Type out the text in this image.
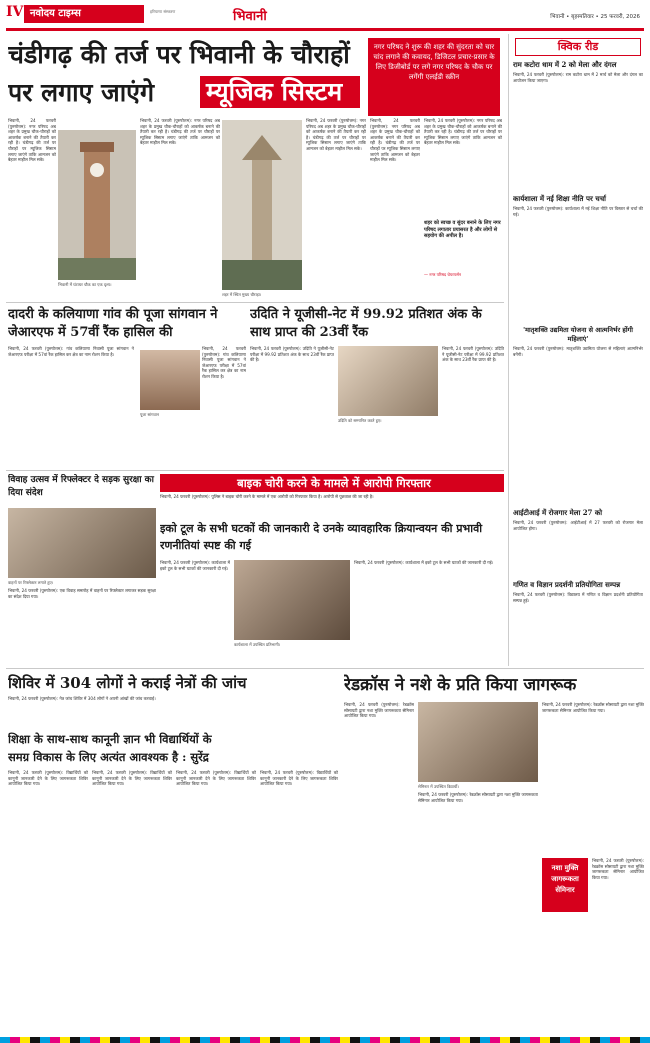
IV नवोदय टाइम्स	हरियाणा संस्करण	भिवानी	भिवानी • बृहस्पतिवार • 25 फरवरी, 2026
चंडीगढ़ की तर्ज पर भिवानी के चौराहों
पर लगाए जाएंगे	म्यूजिक सिस्टम
नगर परिषद ने शुरू की शहर की सुंदरता को चार चांद लगाने की कवायद, डिजिटल प्रचार-प्रसार के लिए डिजीबोर्ड पर लगे नगर परिषद के चौक पर लगेंगी एलईडी स्क्रीन
भिवानी में घंटाघर चौक का एक दृश्य।
शहर में स्थित मुख्य चौराहा।
भिवानी, 24 फरवरी (पुरुषोत्तम): नगर परिषद अब शहर के प्रमुख चौक-चौराहों को आकर्षक बनाने की तैयारी कर रही है। चंडीगढ़ की तर्ज पर चौराहों पर म्यूजिक सिस्टम लगाए जाएंगे ताकि आमजन को बेहतर माहौल मिल सके।
भिवानी, 24 फरवरी (पुरुषोत्तम): नगर परिषद अब शहर के प्रमुख चौक-चौराहों को आकर्षक बनाने की तैयारी कर रही है। चंडीगढ़ की तर्ज पर चौराहों पर म्यूजिक सिस्टम लगाए जाएंगे ताकि आमजन को बेहतर माहौल मिल सके।
भिवानी, 24 फरवरी (पुरुषोत्तम): नगर परिषद अब शहर के प्रमुख चौक-चौराहों को आकर्षक बनाने की तैयारी कर रही है। चंडीगढ़ की तर्ज पर चौराहों पर म्यूजिक सिस्टम लगाए जाएंगे ताकि आमजन को बेहतर माहौल मिल सके।
भिवानी, 24 फरवरी (पुरुषोत्तम): नगर परिषद अब शहर के प्रमुख चौक-चौराहों को आकर्षक बनाने की तैयारी कर रही है। चंडीगढ़ की तर्ज पर चौराहों पर म्यूजिक सिस्टम लगाए जाएंगे ताकि आमजन को बेहतर माहौल मिल सके।
भिवानी, 24 फरवरी (पुरुषोत्तम): नगर परिषद अब शहर के प्रमुख चौक-चौराहों को आकर्षक बनाने की तैयारी कर रही है। चंडीगढ़ की तर्ज पर चौराहों पर म्यूजिक सिस्टम लगाए जाएंगे ताकि आमजन को बेहतर माहौल मिल सके।
शहर को स्वच्छ व सुंदर बनाने के लिए नगर परिषद लगातार प्रयासरत है और लोगों से सहयोग की अपील है।
— नगर परिषद चेयरपर्सन
दादरी के कलियाणा गांव की पूजा सांगवान ने जेआरएफ में 57वीं रैंक हासिल की
भिवानी, 24 फरवरी (पुरुषोत्तम): गांव कलियाणा निवासी पूजा सांगवान ने जेआरएफ परीक्षा में 57वां रैंक हासिल कर क्षेत्र का नाम रोशन किया है।
पूजा सांगवान
भिवानी, 24 फरवरी (पुरुषोत्तम): गांव कलियाणा निवासी पूजा सांगवान ने जेआरएफ परीक्षा में 57वां रैंक हासिल कर क्षेत्र का नाम रोशन किया है।
उदिति ने यूजीसी-नेट में 99.92 प्रतिशत अंक के साथ प्राप्त की 23वीं रैंक
भिवानी, 24 फरवरी (पुरुषोत्तम): उदिति ने यूजीसी-नेट परीक्षा में 99.92 प्रतिशत अंक के साथ 23वीं रैंक प्राप्त की है।
उदिति को सम्मानित करते हुए।
भिवानी, 24 फरवरी (पुरुषोत्तम): उदिति ने यूजीसी-नेट परीक्षा में 99.92 प्रतिशत अंक के साथ 23वीं रैंक प्राप्त की है।
विवाह उत्सव में रिफ्लेक्टर दे सड़क सुरक्षा का दिया संदेश
वाहनों पर रिफ्लेक्टर लगाते हुए।
भिवानी, 24 फरवरी (पुरुषोत्तम): एक विवाह समारोह में वाहनों पर रिफ्लेक्टर लगाकर सड़क सुरक्षा का संदेश दिया गया।
बाइक चोरी करने के मामले में आरोपी गिरफ्तार
भिवानी, 24 फरवरी (पुरुषोत्तम): पुलिस ने बाइक चोरी करने के मामले में एक आरोपी को गिरफ्तार किया है। आरोपी से पूछताछ की जा रही है।
इको टूल के सभी घटकों की जानकारी दे उनके व्यावहारिक क्रियान्वयन की प्रभावी रणनीतियां स्पष्ट की गई
भिवानी, 24 फरवरी (पुरुषोत्तम): कार्यशाला में इको टूल के सभी घटकों की जानकारी दी गई।
कार्यशाला में उपस्थित प्रतिभागी।
भिवानी, 24 फरवरी (पुरुषोत्तम): कार्यशाला में इको टूल के सभी घटकों की जानकारी दी गई।
शिविर में 304 लोगों ने कराई नेत्रों की जांच
भिवानी, 24 फरवरी (पुरुषोत्तम): नेत्र जांच शिविर में 304 लोगों ने अपनी आंखों की जांच करवाई।
शिक्षा के साथ-साथ कानूनी ज्ञान भी विद्यार्थियों के
समग्र विकास के लिए अत्यंत आवश्यक है : सुरेंद्र
भिवानी, 24 फरवरी (पुरुषोत्तम): विद्यार्थियों को कानूनी जानकारी देने के लिए जागरूकता शिविर आयोजित किया गया।
भिवानी, 24 फरवरी (पुरुषोत्तम): विद्यार्थियों को कानूनी जानकारी देने के लिए जागरूकता शिविर आयोजित किया गया।
भिवानी, 24 फरवरी (पुरुषोत्तम): विद्यार्थियों को कानूनी जानकारी देने के लिए जागरूकता शिविर आयोजित किया गया।
भिवानी, 24 फरवरी (पुरुषोत्तम): विद्यार्थियों को कानूनी जानकारी देने के लिए जागरूकता शिविर आयोजित किया गया।
रेडक्रॉस ने नशे के प्रति किया जागरूक
भिवानी, 24 फरवरी (पुरुषोत्तम): रेडक्रॉस सोसायटी द्वारा नशा मुक्ति जागरूकता सेमिनार आयोजित किया गया।
सेमिनार में उपस्थित विद्यार्थी।
भिवानी, 24 फरवरी (पुरुषोत्तम): रेडक्रॉस सोसायटी द्वारा नशा मुक्ति जागरूकता सेमिनार आयोजित किया गया।
नशा मुक्ति
जागरूकता
सेमिनार
भिवानी, 24 फरवरी (पुरुषोत्तम): रेडक्रॉस सोसायटी द्वारा नशा मुक्ति जागरूकता सेमिनार आयोजित किया गया।
भिवानी, 24 फरवरी (पुरुषोत्तम): रेडक्रॉस सोसायटी द्वारा नशा मुक्ति जागरूकता सेमिनार आयोजित किया गया।
क्विक रीड
राम कटोरा धाम में 2 को मेला और दंगल
भिवानी, 24 फरवरी (पुरुषोत्तम): राम कटोरा धाम में 2 मार्च को मेला और दंगल का आयोजन किया जाएगा।
कार्यशाला में नई शिक्षा नीति पर चर्चा
भिवानी, 24 फरवरी (पुरुषोत्तम): कार्यशाला में नई शिक्षा नीति पर विस्तार से चर्चा की गई।
'मातृशक्ति उद्यमिता योजना से आत्मनिर्भर होंगी महिलाएं'
भिवानी, 24 फरवरी (पुरुषोत्तम): मातृशक्ति उद्यमिता योजना से महिलाएं आत्मनिर्भर बनेंगी।
आईटीआई में रोजगार मेला 27 को
भिवानी, 24 फरवरी (पुरुषोत्तम): आईटीआई में 27 फरवरी को रोजगार मेला आयोजित होगा।
गणित व विज्ञान प्रदर्शनी प्रतियोगिता सम्पन्न
भिवानी, 24 फरवरी (पुरुषोत्तम): विद्यालय में गणित व विज्ञान प्रदर्शनी प्रतियोगिता सम्पन्न हुई।
